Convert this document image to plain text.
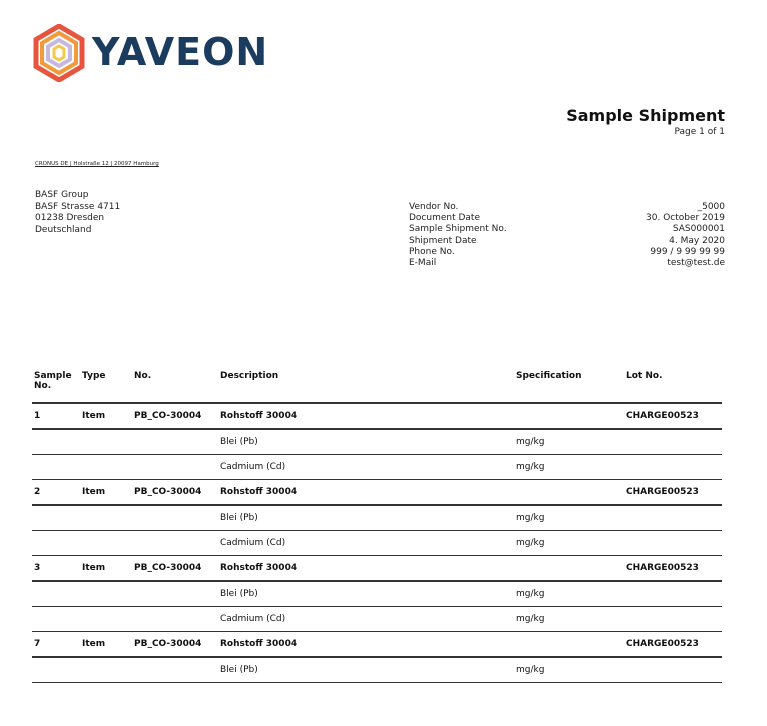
YAVEON
Sample Shipment
Page 1 of 1
CRONUS DE | Holstraße 12 | 20097 Hamburg
BASF Group
BASF Strasse 4711
01238 Dresden
Deutschland
Vendor No.	_5000
Document Date	30. October 2019
Sample Shipment No.	SAS000001
Shipment Date	4. May 2020
Phone No.	999 / 9 99 99 99
E-Mail	test@test.de
Sample No.	Type	No.	Description	Specification	Lot No.
1	Item	PB_CO-30004	Rohstoff 30004		CHARGE00523
			Blei (Pb)	mg/kg	
			Cadmium (Cd)	mg/kg	
2	Item	PB_CO-30004	Rohstoff 30004		CHARGE00523
			Blei (Pb)	mg/kg	
			Cadmium (Cd)	mg/kg	
3	Item	PB_CO-30004	Rohstoff 30004		CHARGE00523
			Blei (Pb)	mg/kg	
			Cadmium (Cd)	mg/kg	
7	Item	PB_CO-30004	Rohstoff 30004		CHARGE00523
			Blei (Pb)	mg/kg	
